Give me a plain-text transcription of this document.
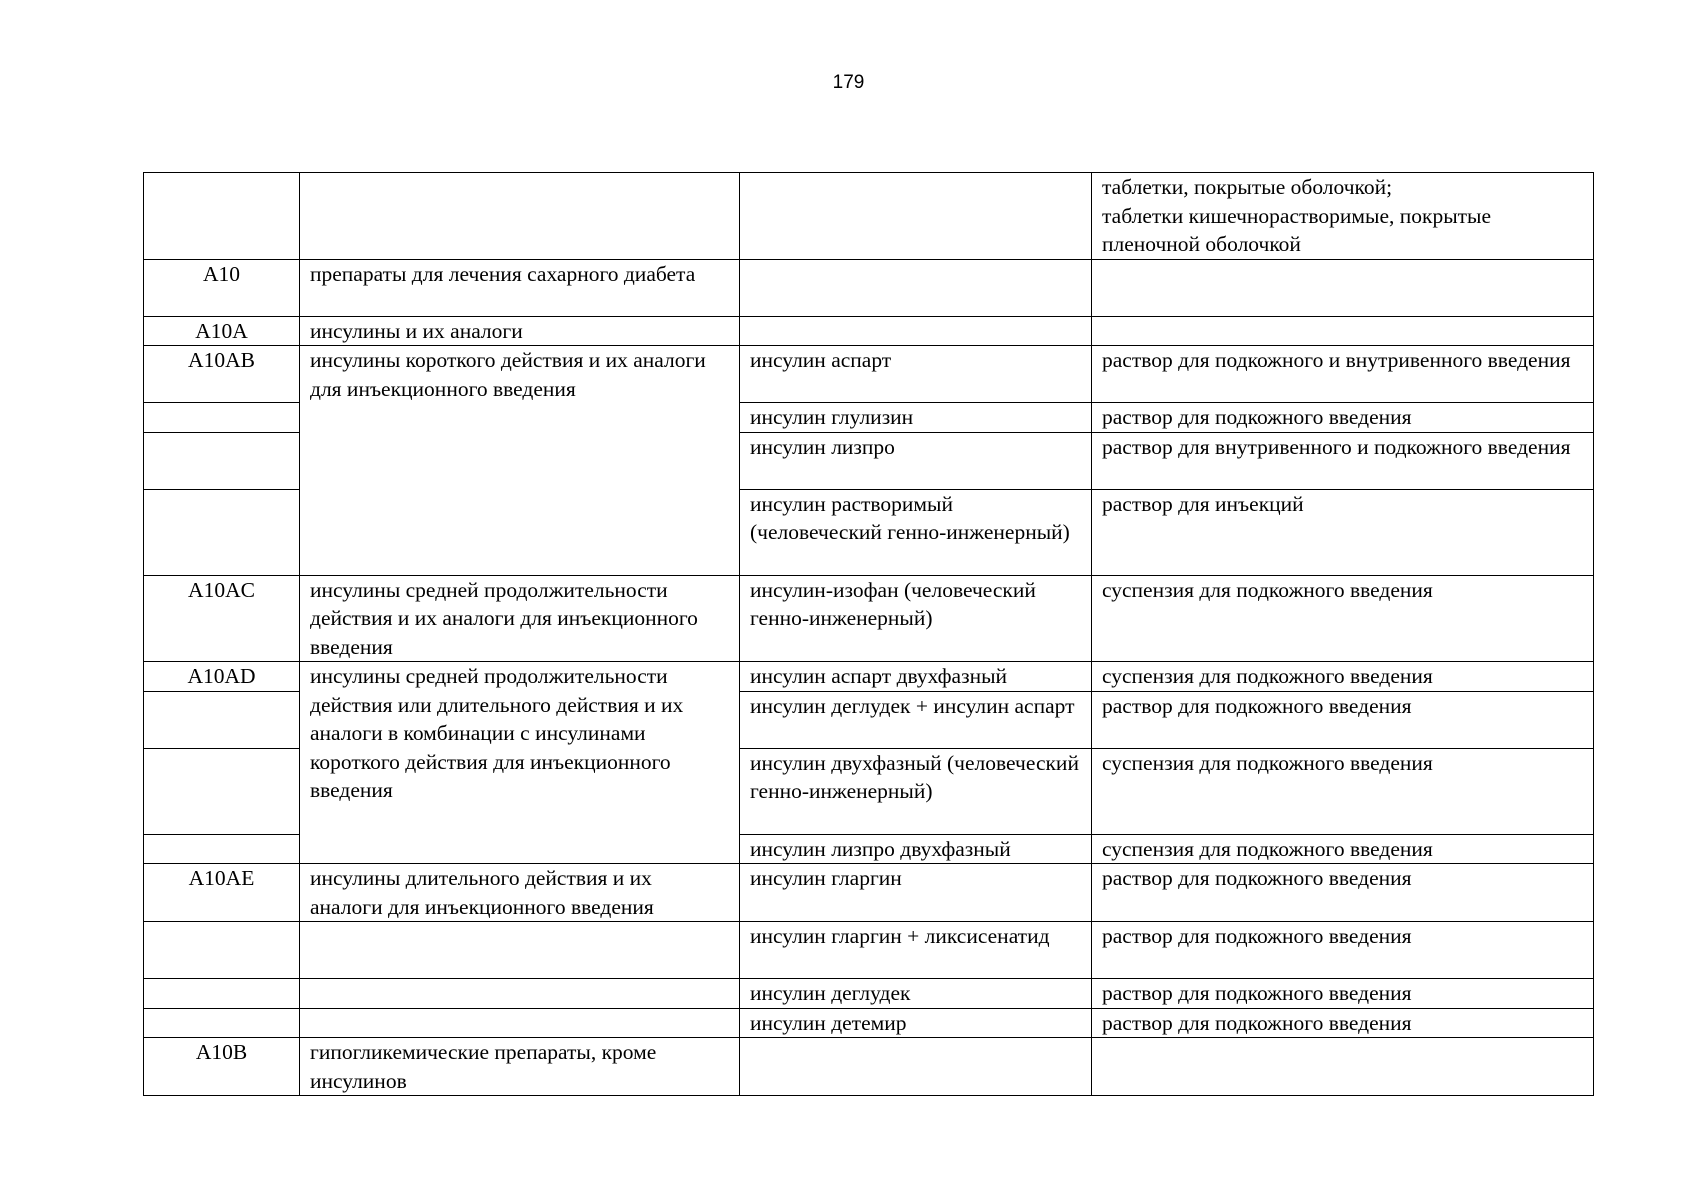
179

			таблетки, покрытые оболочкой;
таблетки кишечнорастворимые, покрытые пленочной оболочкой

A10	препараты для лечения сахарного диабета		
A10A	инсулины и их аналоги		
A10AB	инсулины короткого действия и их аналоги для инъекционного введения	инсулин аспарт	раствор для подкожного и внутривенного введения

		инсулин глулизин	раствор для подкожного введения

		инсулин лизпро	раствор для внутривенного и подкожного введения

		инсулин растворимый (человеческий генно-инженерный)	раствор для инъекций

A10AC	инсулины средней продолжительности действия и их аналоги для инъекционного введения	инсулин-изофан (человеческий генно-инженерный)	суспензия для подкожного введения

A10AD	инсулины средней продолжительности действия или длительного действия и их аналоги в комбинации с инсулинами короткого действия для инъекционного введения	инсулин аспарт двухфазный	суспензия для подкожного введения

		инсулин деглудек + инсулин аспарт	раствор для подкожного введения

		инсулин двухфазный (человеческий генно-инженерный)	суспензия для подкожного введения

		инсулин лизпро двухфазный	суспензия для подкожного введения

A10AE	инсулины длительного действия и их аналоги для инъекционного введения	инсулин гларгин	раствор для подкожного введения

		инсулин гларгин + ликсисенатид	раствор для подкожного введения

		инсулин деглудек	раствор для подкожного введения

		инсулин детемир	раствор для подкожного введения

A10B	гипогликемические препараты, кроме инсулинов		
